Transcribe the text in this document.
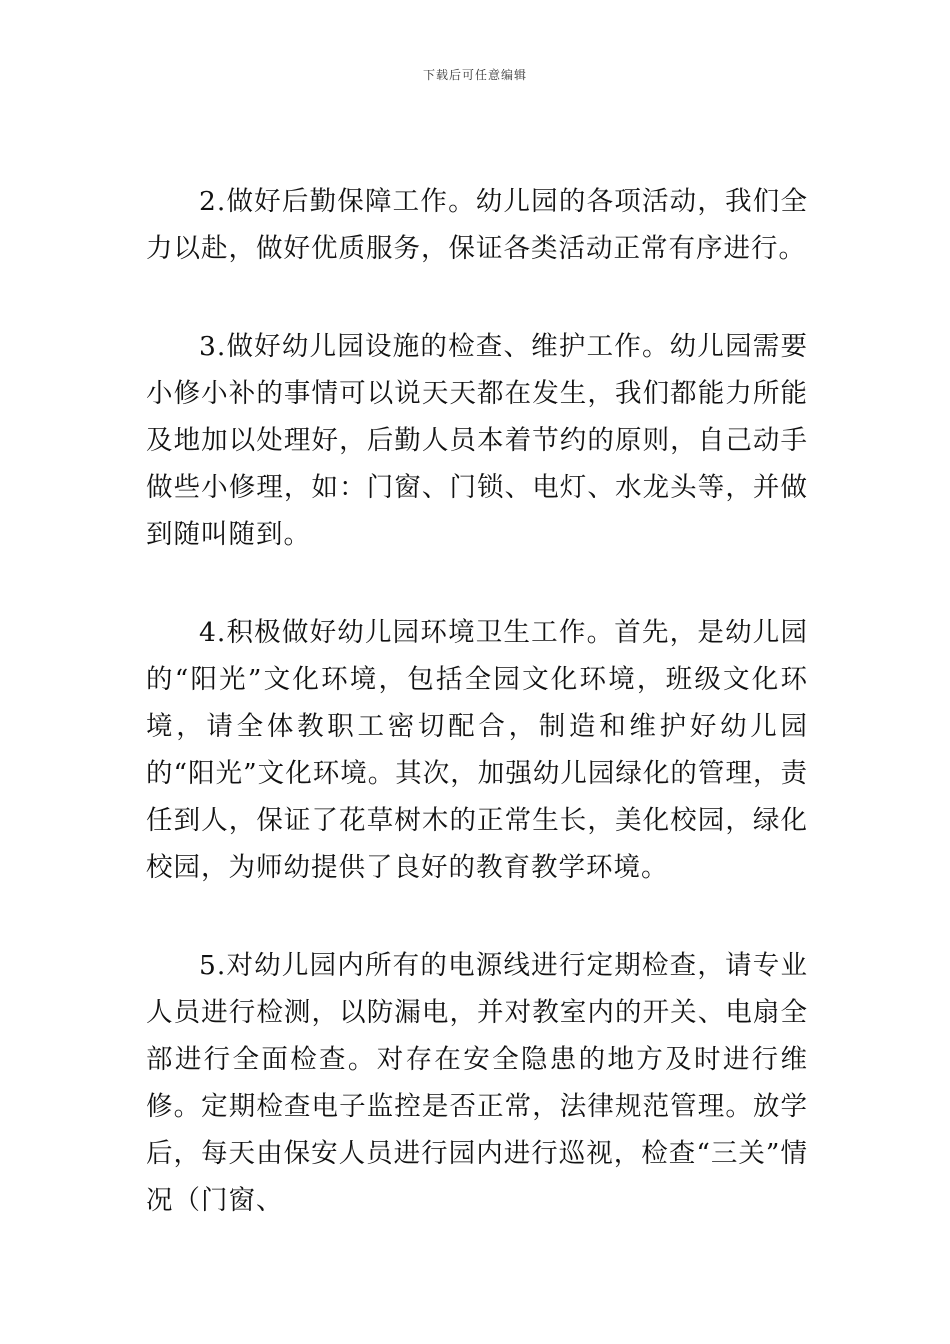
下载后可任意编辑

2.做好后勤保障工作。幼儿园的各项活动，我们全力以赴，做好优质服务，保证各类活动正常有序进行。

3.做好幼儿园设施的检查、维护工作。幼儿园需要小修小补的事情可以说天天都在发生，我们都能力所能及地加以处理好，后勤人员本着节约的原则，自己动手做些小修理，如：门窗、门锁、电灯、水龙头等，并做到随叫随到。

4.积极做好幼儿园环境卫生工作。首先，是幼儿园的“阳光”文化环境，包括全园文化环境，班级文化环境，请全体教职工密切配合，制造和维护好幼儿园的“阳光”文化环境。其次，加强幼儿园绿化的管理，责任到人，保证了花草树木的正常生长，美化校园，绿化校园，为师幼提供了良好的教育教学环境。

5.对幼儿园内所有的电源线进行定期检查，请专业人员进行检测，以防漏电，并对教室内的开关、电扇全部进行全面检查。对存在安全隐患的地方及时进行维修。定期检查电子监控是否正常，法律规范管理。放学后，每天由保安人员进行园内进行巡视，检查“三关”情况（门窗、
